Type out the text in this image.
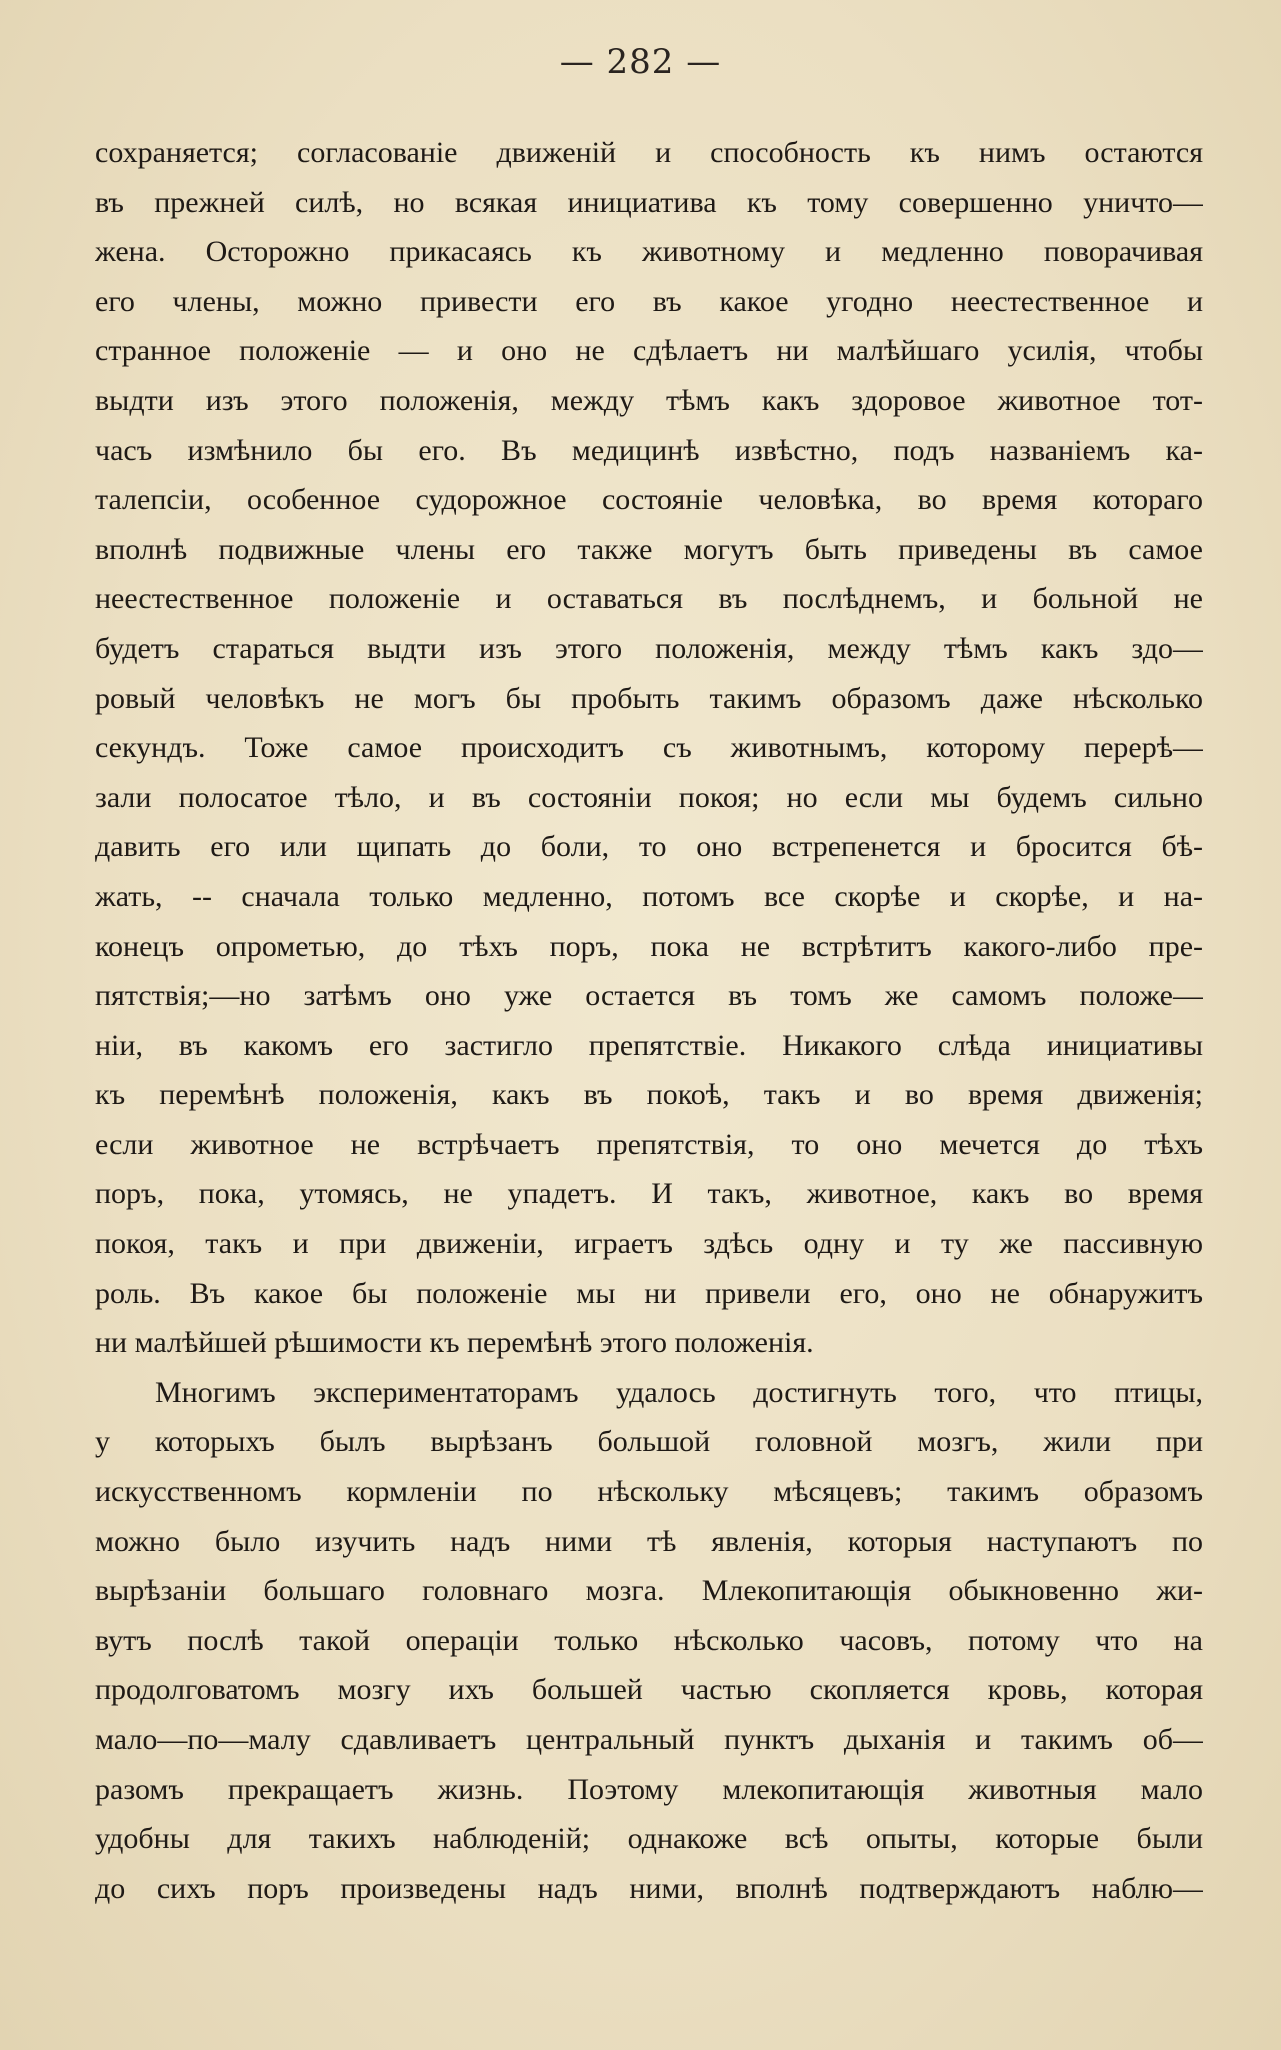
— 282 —
сохраняется; согласованіе движеній и способность къ нимъ остаются
въ прежней силѣ, но всякая инициатива къ тому совершенно уничто—
жена. Осторожно прикасаясь къ животному и медленно поворачивая
его члены, можно привести его въ какое угодно неестественное и
странное положеніе — и оно не сдѣлаетъ ни малѣйшаго усилія, чтобы
выдти изъ этого положенія, между тѣмъ какъ здоровое животное тот-
часъ измѣнило бы его. Въ медицинѣ извѣстно, подъ названіемъ ка-
талепсіи, особенное судорожное состояніе человѣка, во время котораго
вполнѣ подвижные члены его также могутъ быть приведены въ самое
неестественное положеніе и оставаться въ послѣднемъ, и больной не
будетъ стараться выдти изъ этого положенія, между тѣмъ какъ здо—
ровый человѣкъ не могъ бы пробыть такимъ образомъ даже нѣсколько
секундъ. Тоже самое происходитъ съ животнымъ, которому перерѣ—
зали полосатое тѣло, и въ состояніи покоя; но если мы будемъ сильно
давить его или щипать до боли, то оно встрепенется и бросится бѣ-
жать, -- сначала только медленно, потомъ все скорѣе и скорѣе, и на-
конецъ опрометью, до тѣхъ поръ, пока не встрѣтитъ какого-либо пре-
пятствія;—но затѣмъ оно уже остается въ томъ же самомъ положе—
ніи, въ какомъ его застигло препятствіе. Никакого слѣда инициативы
къ перемѣнѣ положенія, какъ въ покоѣ, такъ и во время движенія;
если животное не встрѣчаетъ препятствія, то оно мечется до тѣхъ
поръ, пока, утомясь, не упадетъ. И такъ, животное, какъ во время
покоя, такъ и при движеніи, играетъ здѣсь одну и ту же пассивную
роль. Въ какое бы положеніе мы ни привели его, оно не обнаружитъ
ни малѣйшей рѣшимости къ перемѣнѣ этого положенія.
Многимъ экспериментаторамъ удалось достигнуть того, что птицы,
у которыхъ былъ вырѣзанъ большой головной мозгъ, жили при
искусственномъ кормленіи по нѣскольку мѣсяцевъ; такимъ образомъ
можно было изучить надъ ними тѣ явленія, которыя наступаютъ по
вырѣзаніи большаго головнаго мозга. Млекопитающія обыкновенно жи-
вутъ послѣ такой операціи только нѣсколько часовъ, потому что на
продолговатомъ мозгу ихъ большей частью скопляется кровь, которая
мало—по—малу сдавливаетъ центральный пунктъ дыханія и такимъ об—
разомъ прекращаетъ жизнь. Поэтому млекопитающія животныя мало
удобны для такихъ наблюденій; однакоже всѣ опыты, которые были
до сихъ поръ произведены надъ ними, вполнѣ подтверждаютъ наблю—
